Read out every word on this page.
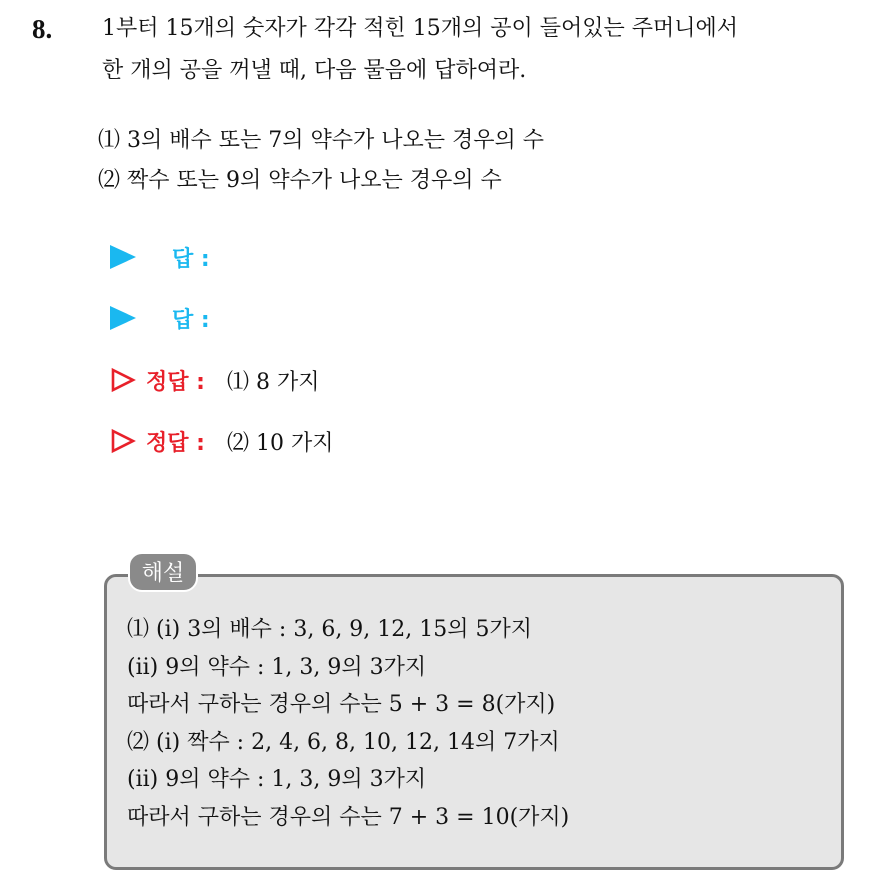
8. 1부터 15개의 숫자가 각각 적힌 15개의 공이 들어있는 주머니에서
한 개의 공을 꺼낼 때, 다음 물음에 답하여라.
⑴ 3의 배수 또는 7의 약수가 나오는 경우의 수
⑵ 짝수 또는 9의 약수가 나오는 경우의 수
답 :
답 :
정답 : ⑴ 8 가지
정답 : ⑵ 10 가지
해설
⑴ (i) 3의 배수 : 3, 6, 9, 12, 15의 5가지
(ii) 9의 약수 : 1, 3, 9의 3가지
따라서 구하는 경우의 수는 5 + 3 = 8(가지)
⑵ (i) 짝수 : 2, 4, 6, 8, 10, 12, 14의 7가지
(ii) 9의 약수 : 1, 3, 9의 3가지
따라서 구하는 경우의 수는 7 + 3 = 10(가지)
